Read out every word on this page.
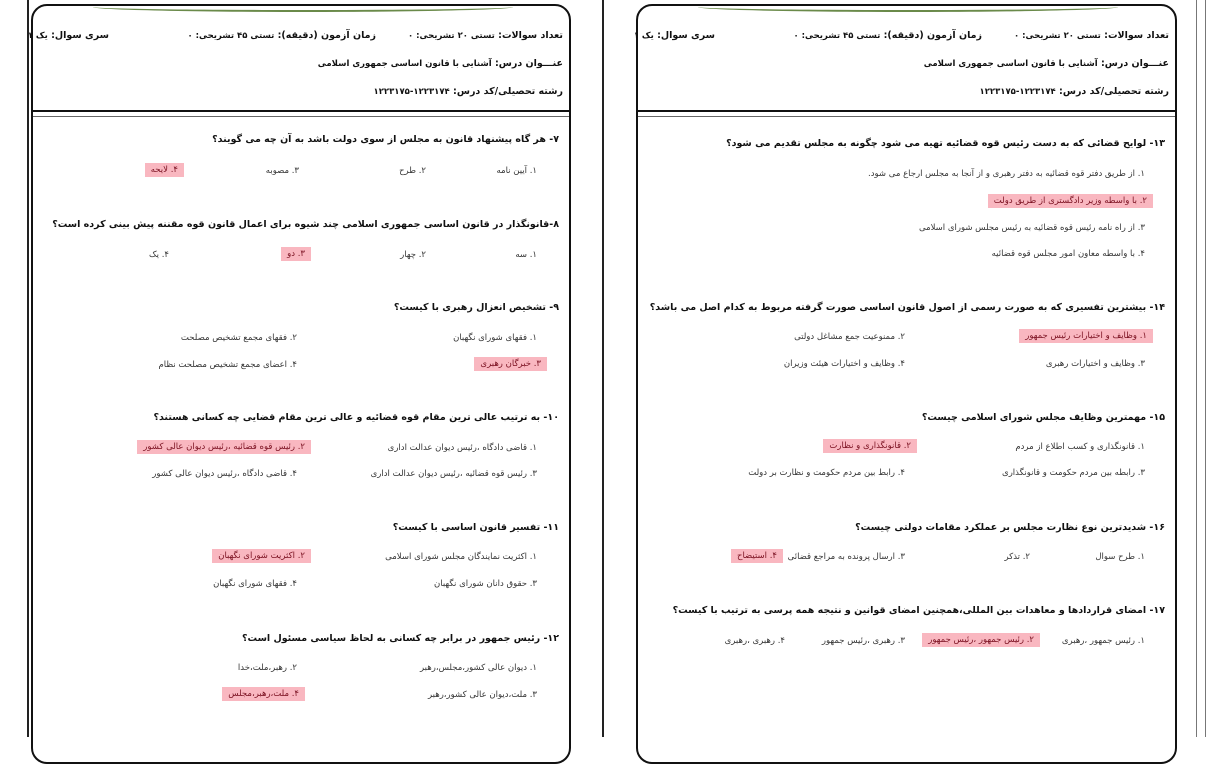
تعداد سوالات: تستی ۲۰ تشریحی: ۰
زمان آزمون (دقیقه): تستی ۴۵ تشریحی: ۰
سری سوال: یک ۱
عنـــوان درس: آشنایی با قانون اساسی جمهوری اسلامی
رشته تحصیلی/کد درس: ۱۲۲۳۱۷۴-۱۲۲۳۱۷۵
۷- هر گاه پیشنهاد قانون به مجلس از سوی دولت باشد به آن چه می گویند؟
۱. آیین نامه
۲. طرح
۳. مصوبه
۴. لایحه
۸-قانونگذار در قانون اساسی جمهوری اسلامی چند شیوه برای اعمال قانون قوه مقننه پیش بینی کرده است؟
۱. سه
۲. چهار
۳. دو
۴. یک
۹- تشخیص انعزال رهبری با کیست؟
۱. فقهای شورای نگهبان
۲. فقهای مجمع تشخیص مصلحت
۳. خبرگان رهبری
۴. اعضای مجمع تشخیص مصلحت نظام
۱۰- به ترتیب عالی ترین مقام قوه قضائیه و عالی ترین مقام قضایی چه کسانی هستند؟
۱. قاضی دادگاه ،رئیس دیوان عدالت اداری
۲. رئیس قوه قضائیه ،رئیس دیوان عالی کشور
۳. رئیس قوه قضائیه ،رئیس دیوان عدالت اداری
۴. قاضی دادگاه ،رئیس دیوان عالی کشور
۱۱- تفسیر قانون اساسی با کیست؟
۱. اکثریت نمایندگان مجلس شورای اسلامی
۲. اکثریت شورای نگهبان
۳. حقوق دانان شورای نگهبان
۴. فقهای شورای نگهبان
۱۲- رئیس جمهور در برابر چه کسانی به لحاظ سیاسی مسئول است؟
۱. دیوان عالی کشور،مجلس،رهبر
۲. رهبر،ملت،خدا
۳. ملت،دیوان عالی کشور،رهبر
۴. ملت،رهبر،مجلس
تعداد سوالات: تستی ۲۰ تشریحی: ۰
زمان آزمون (دقیقه): تستی ۴۵ تشریحی: ۰
سری سوال: یک ۱
عنـــوان درس: آشنایی با قانون اساسی جمهوری اسلامی
رشته تحصیلی/کد درس: ۱۲۲۳۱۷۴-۱۲۲۳۱۷۵
۱۳- لوایح قضائی که به دست رئیس قوه قضائیه تهیه می شود چگونه به مجلس تقدیم می شود؟
۱. از طریق دفتر قوه قضائیه به دفتر رهبری و از آنجا به مجلس ارجاع می شود.
۲. با واسطه وزیر دادگستری از طریق دولت
۳. از راه نامه رئیس قوه قضائیه به رئیس مجلس شورای اسلامی
۴. با واسطه معاون امور مجلس قوه قضائیه
۱۴- بیشترین تفسیری که به صورت رسمی از اصول قانون اساسی صورت گرفته مربوط به کدام اصل می باشد؟
۱. وظایف و اختیارات رئیس جمهور
۲. ممنوعیت جمع مشاغل دولتی
۳. وظایف و اختیارات رهبری
۴. وظایف و اختیارات هیئت وزیران
۱۵- مهمترین وظایف مجلس شورای اسلامی چیست؟
۱. قانونگذاری و کسب اطلاع از مردم
۲. قانونگذاری و نظارت
۳. رابطه بین مردم حکومت و قانونگذاری
۴. رابط بین مردم حکومت و نظارت بر دولت
۱۶- شدیدترین نوع نظارت مجلس بر عملکرد مقامات دولتی چیست؟
۱. طرح سوال
۲. تذکر
۳. ارسال پرونده به مراجع قضائی
۴. استیضاح
۱۷- امضای قراردادها و معاهدات بین المللی،همچنین امضای قوانین و نتیجه همه پرسی به ترتیب با کیست؟
۱. رئیس جمهور ،رهبری
۲. رئیس جمهور ،رئیس جمهور
۳. رهبری ،رئیس جمهور
۴. رهبری ،رهبری
